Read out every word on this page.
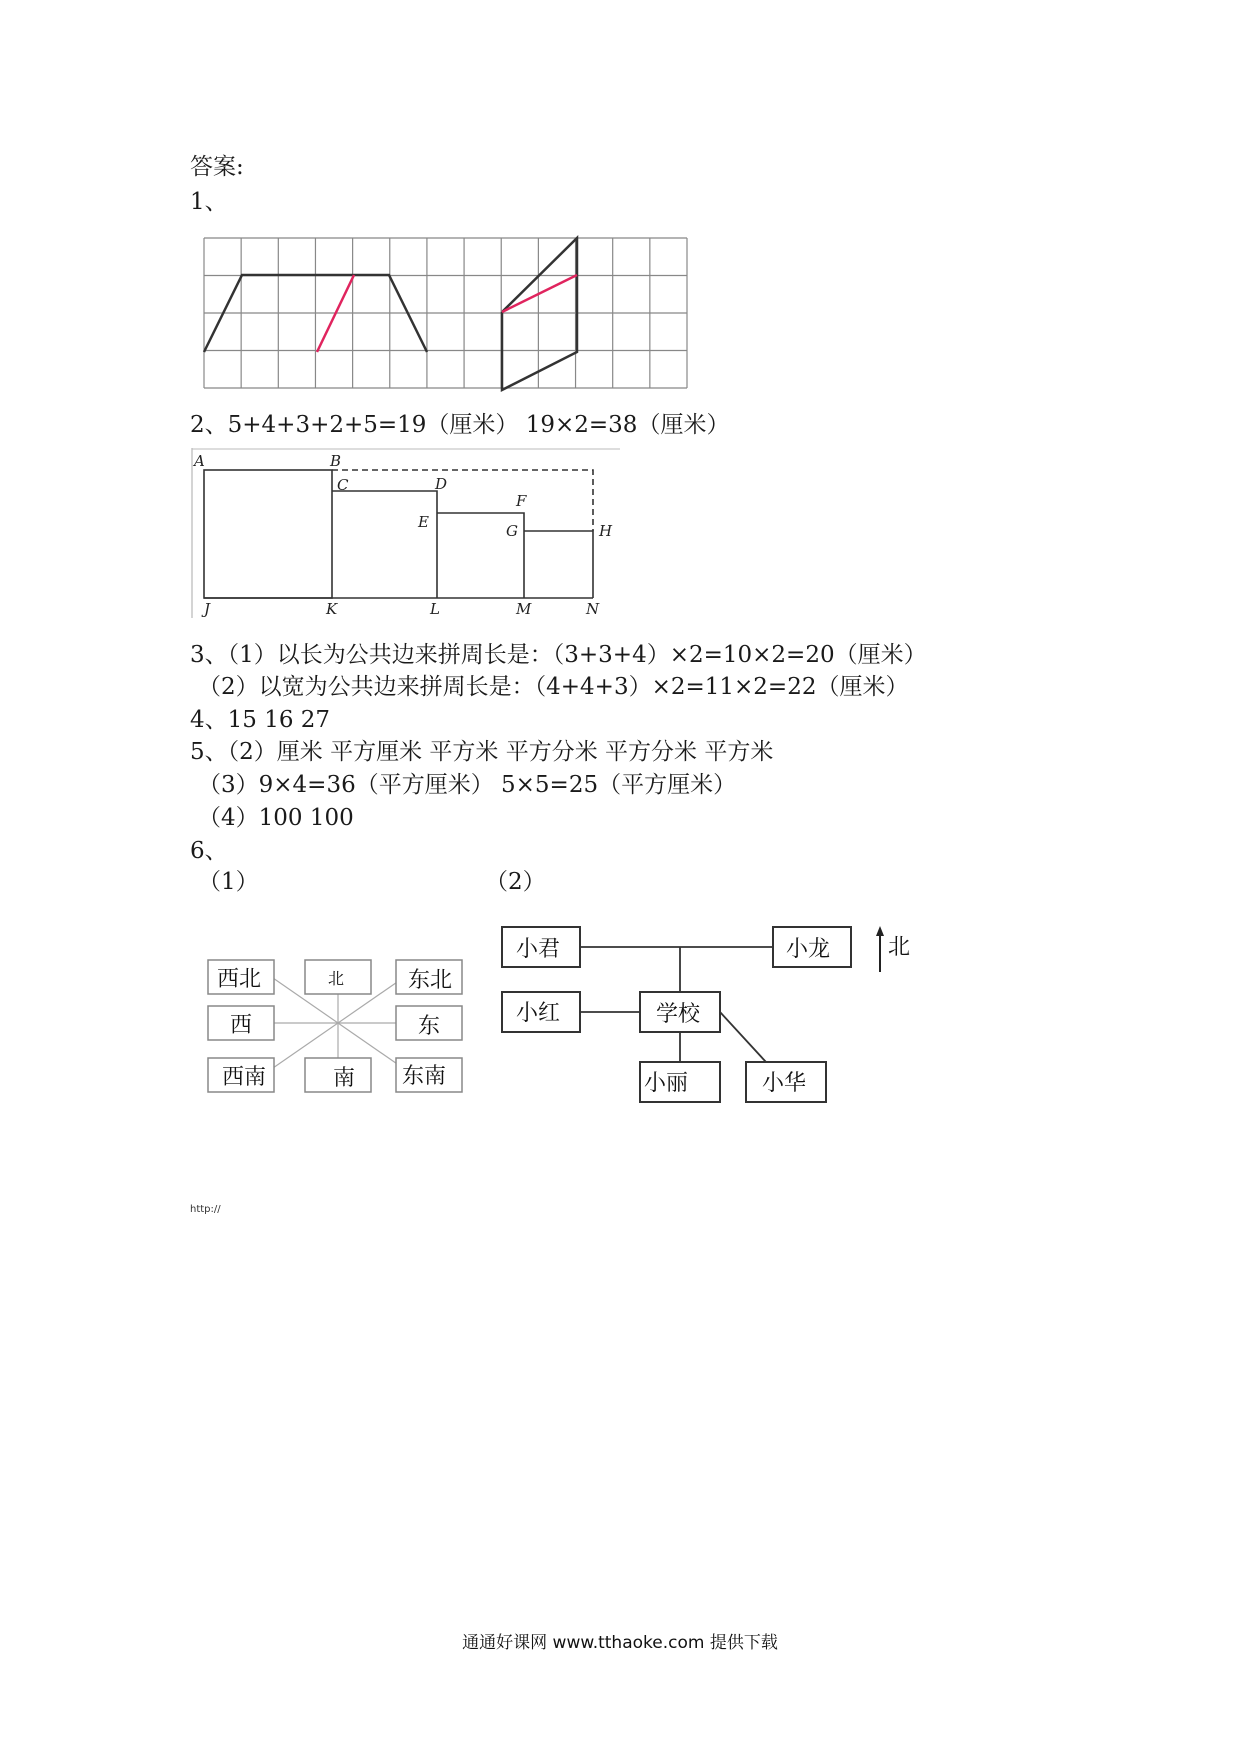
答案:
1、
2、5+4+3+2+5=19（厘米） 19×2=38（厘米）
A	B
C	D
E
F
G	H
J	K	L	M	N
3、（1）以长为公共边来拼周长是：（3+3+4）×2=10×2=20（厘米）
（2）以宽为公共边来拼周长是：（4+4+3）×2=11×2=22（厘米）
4、15 16 27
5、（2）厘米 平方厘米 平方米 平方分米 平方分米 平方米
（3）9×4=36（平方厘米） 5×5=25（平方厘米）
（4）100 100
6、
（1）	（2）
西北	北	东北
西	东
西南	南 东南
小君	小龙
小红	学校
小丽	小华
北
http://
通通好课网 www.tthaoke.com 提供下载
